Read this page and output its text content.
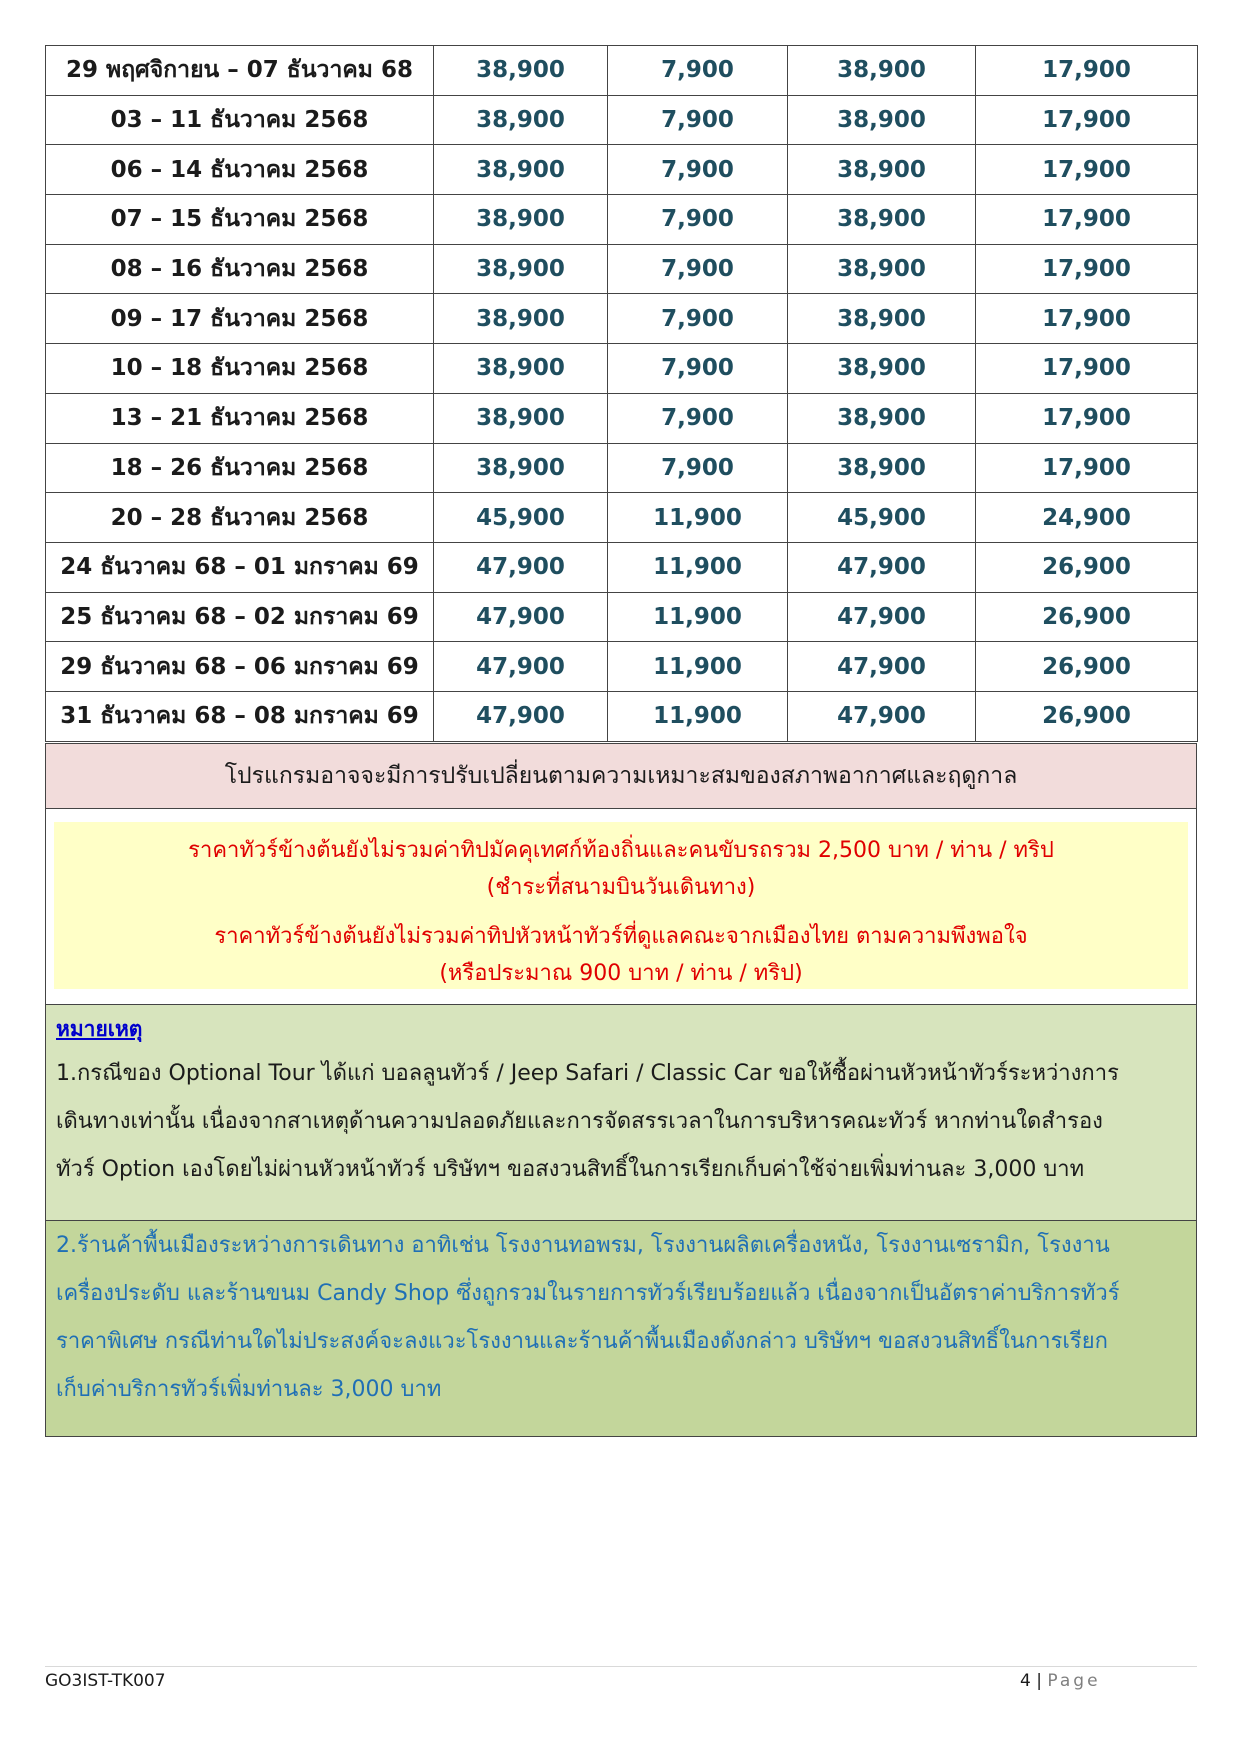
29 พฤศจิกายน – 07 ธันวาคม 68	38,900	7,900	38,900	17,900
03 – 11 ธันวาคม 2568	38,900	7,900	38,900	17,900
06 – 14 ธันวาคม 2568	38,900	7,900	38,900	17,900
07 – 15 ธันวาคม 2568	38,900	7,900	38,900	17,900
08 – 16 ธันวาคม 2568	38,900	7,900	38,900	17,900
09 – 17 ธันวาคม 2568	38,900	7,900	38,900	17,900
10 – 18 ธันวาคม 2568	38,900	7,900	38,900	17,900
13 – 21 ธันวาคม 2568	38,900	7,900	38,900	17,900
18 – 26 ธันวาคม 2568	38,900	7,900	38,900	17,900
20 – 28 ธันวาคม 2568	45,900	11,900	45,900	24,900
24 ธันวาคม 68 – 01 มกราคม 69	47,900	11,900	47,900	26,900
25 ธันวาคม 68 – 02 มกราคม 69	47,900	11,900	47,900	26,900
29 ธันวาคม 68 – 06 มกราคม 69	47,900	11,900	47,900	26,900
31 ธันวาคม 68 – 08 มกราคม 69	47,900	11,900	47,900	26,900
โปรแกรมอาจจะมีการปรับเปลี่ยนตามความเหมาะสมของสภาพอากาศและฤดูกาล
ราคาทัวร์ข้างต้นยังไม่รวมค่าทิปมัคคุเทศก์ท้องถิ่นและคนขับรถรวม 2,500 บาท / ท่าน / ทริป
(ชำระที่สนามบินวันเดินทาง)
ราคาทัวร์ข้างต้นยังไม่รวมค่าทิปหัวหน้าทัวร์ที่ดูแลคณะจากเมืองไทย ตามความพึงพอใจ
(หรือประมาณ 900 บาท / ท่าน / ทริป)
หมายเหตุ
1.กรณีของ Optional Tour ได้แก่ บอลลูนทัวร์ / Jeep Safari / Classic Car ขอให้ซื้อผ่านหัวหน้าทัวร์ระหว่างการ
เดินทางเท่านั้น เนื่องจากสาเหตุด้านความปลอดภัยและการจัดสรรเวลาในการบริหารคณะทัวร์ หากท่านใดสำรอง
ทัวร์ Option เองโดยไม่ผ่านหัวหน้าทัวร์ บริษัทฯ ขอสงวนสิทธิ์ในการเรียกเก็บค่าใช้จ่ายเพิ่มท่านละ 3,000 บาท
2.ร้านค้าพื้นเมืองระหว่างการเดินทาง อาทิเช่น โรงงานทอพรม, โรงงานผลิตเครื่องหนัง, โรงงานเซรามิก, โรงงาน
เครื่องประดับ และร้านขนม Candy Shop ซึ่งถูกรวมในรายการทัวร์เรียบร้อยแล้ว เนื่องจากเป็นอัตราค่าบริการทัวร์
ราคาพิเศษ กรณีท่านใดไม่ประสงค์จะลงแวะโรงงานและร้านค้าพื้นเมืองดังกล่าว บริษัทฯ ขอสงวนสิทธิ์ในการเรียก
เก็บค่าบริการทัวร์เพิ่มท่านละ 3,000 บาท
GO3IST-TK007	4 | Page
